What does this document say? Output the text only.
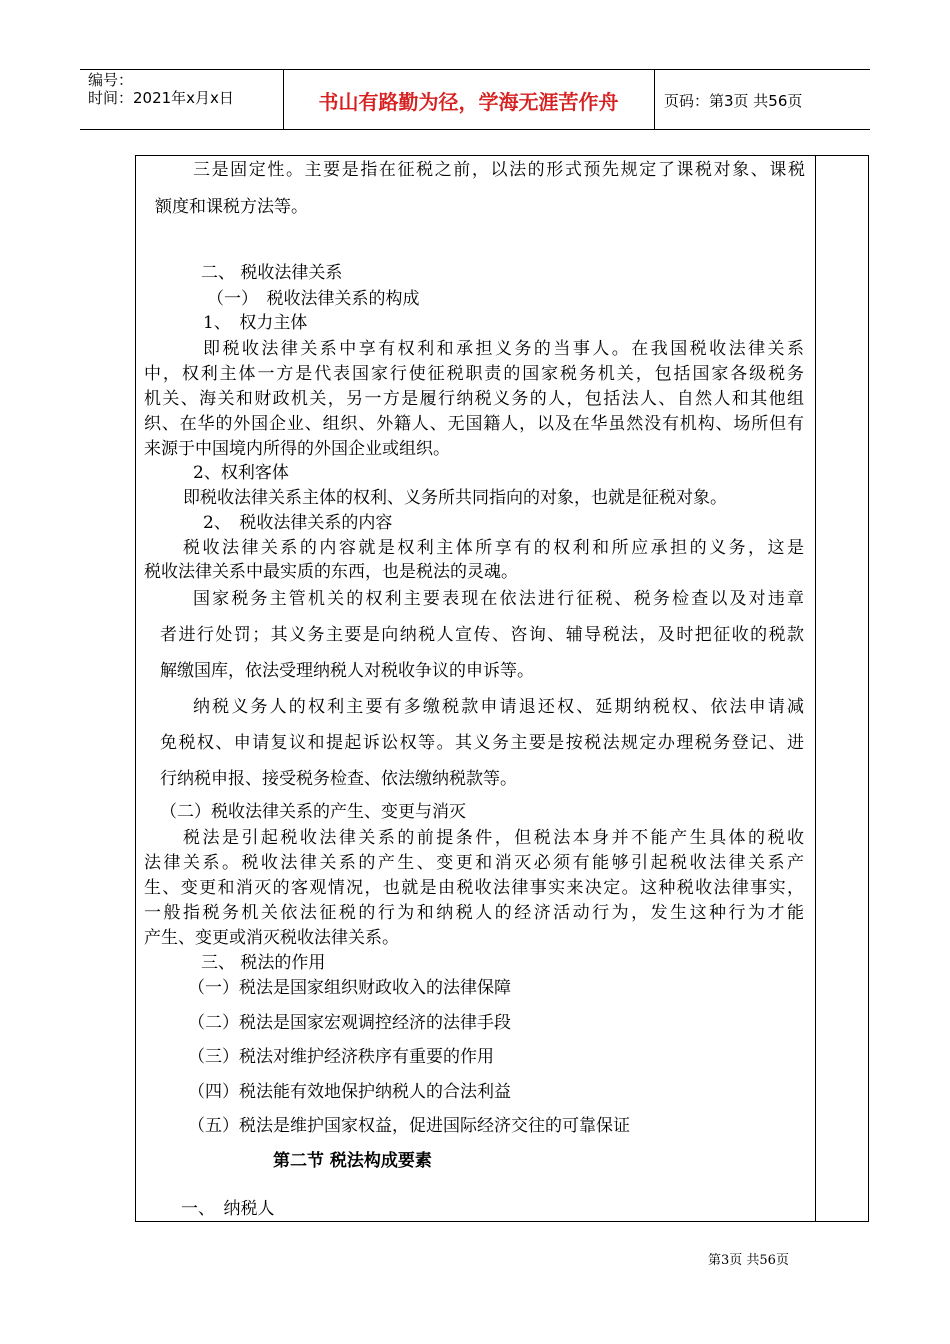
编号：
时间：2021年x月x日	书山有路勤为径，学海无涯苦作舟	页码：第3页 共56页
三是固定性。主要是指在征税之前，以法的形式预先规定了课税对象、课税
额度和课税方法等。
二、 税收法律关系
（一）　税收法律关系的构成
1、　权力主体
即税收法律关系中享有权利和承担义务的当事人。在我国税收法律关系
中，权利主体一方是代表国家行使征税职责的国家税务机关，包括国家各级税务
机关、海关和财政机关，另一方是履行纳税义务的人，包括法人、自然人和其他组
织、在华的外国企业、组织、外籍人、无国籍人，以及在华虽然没有机构、场所但有
来源于中国境内所得的外国企业或组织。
2、权利客体
即税收法律关系主体的权利、义务所共同指向的对象，也就是征税对象。
2、　税收法律关系的内容
税收法律关系的内容就是权利主体所享有的权利和所应承担的义务，这是
税收法律关系中最实质的东西，也是税法的灵魂。
国家税务主管机关的权利主要表现在依法进行征税、税务检查以及对违章
者进行处罚；其义务主要是向纳税人宣传、咨询、辅导税法，及时把征收的税款
解缴国库，依法受理纳税人对税收争议的申诉等。
纳税义务人的权利主要有多缴税款申请退还权、延期纳税权、依法申请减
免税权、申请复议和提起诉讼权等。其义务主要是按税法规定办理税务登记、进
行纳税申报、接受税务检查、依法缴纳税款等。
（二）税收法律关系的产生、变更与消灭
税法是引起税收法律关系的前提条件，但税法本身并不能产生具体的税收
法律关系。税收法律关系的产生、变更和消灭必须有能够引起税收法律关系产
生、变更和消灭的客观情况，也就是由税收法律事实来决定。这种税收法律事实，
一般指税务机关依法征税的行为和纳税人的经济活动行为，发生这种行为才能
产生、变更或消灭税收法律关系。
三、 税法的作用
（一）税法是国家组织财政收入的法律保障
（二）税法是国家宏观调控经济的法律手段
（三）税法对维护经济秩序有重要的作用
（四）税法能有效地保护纳税人的合法利益
（五）税法是维护国家权益，促进国际经济交往的可靠保证
第二节 税法构成要素
一、　纳税人
第3页 共56页
